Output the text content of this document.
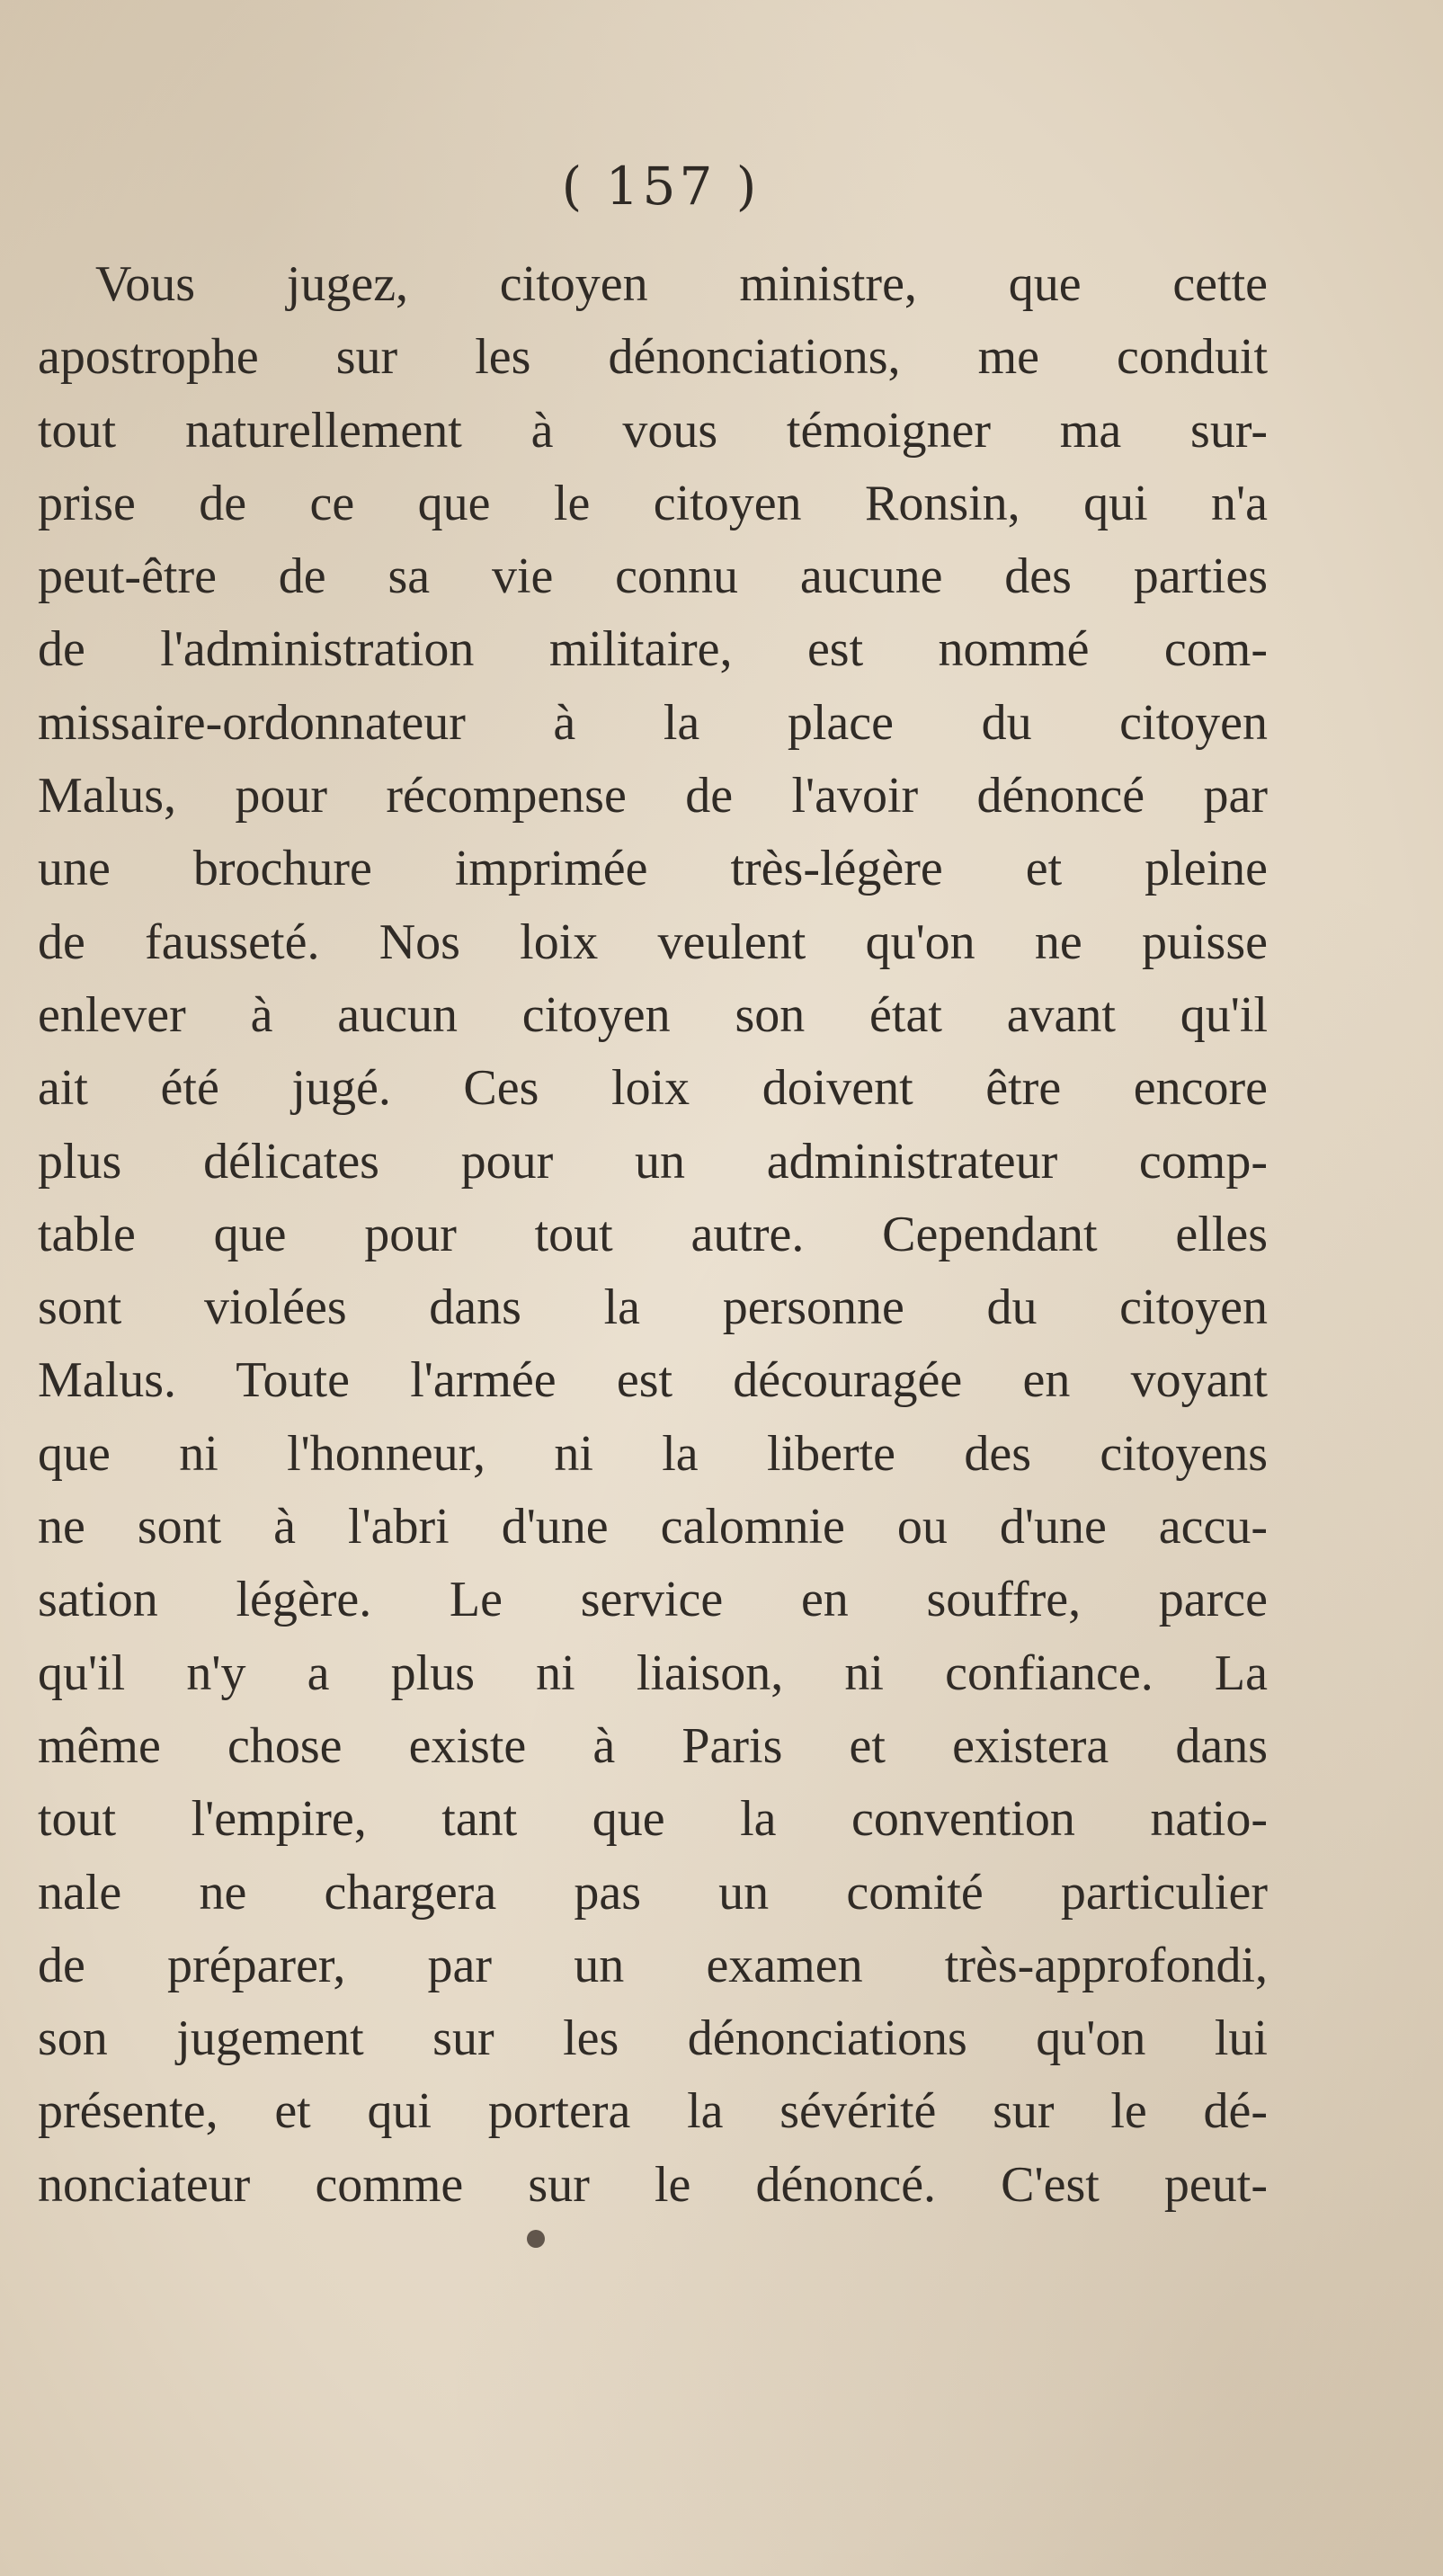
( 157 )
Vous jugez, citoyen ministre, que cette
apostrophe sur les dénonciations, me conduit
tout naturellement à vous témoigner ma sur-
prise de ce que le citoyen Ronsin, qui n'a
peut-être de sa vie connu aucune des parties
de l'administration militaire, est nommé com-
missaire-ordonnateur à la place du citoyen
Malus, pour récompense de l'avoir dénoncé par
une brochure imprimée très-légère et pleine
de fausseté. Nos loix veulent qu'on ne puisse
enlever à aucun citoyen son état avant qu'il
ait été jugé. Ces loix doivent être encore
plus délicates pour un administrateur comp-
table que pour tout autre. Cependant elles
sont violées dans la personne du citoyen
Malus. Toute l'armée est découragée en voyant
que ni l'honneur, ni la liberte des citoyens
ne sont à l'abri d'une calomnie ou d'une accu-
sation légère. Le service en souffre, parce
qu'il n'y a plus ni liaison, ni confiance. La
même chose existe à Paris et existera dans
tout l'empire, tant que la convention natio-
nale ne chargera pas un comité particulier
de préparer, par un examen très-approfondi,
son jugement sur les dénonciations qu'on lui
présente, et qui portera la sévérité sur le dé-
nonciateur comme sur le dénoncé. C'est peut-
